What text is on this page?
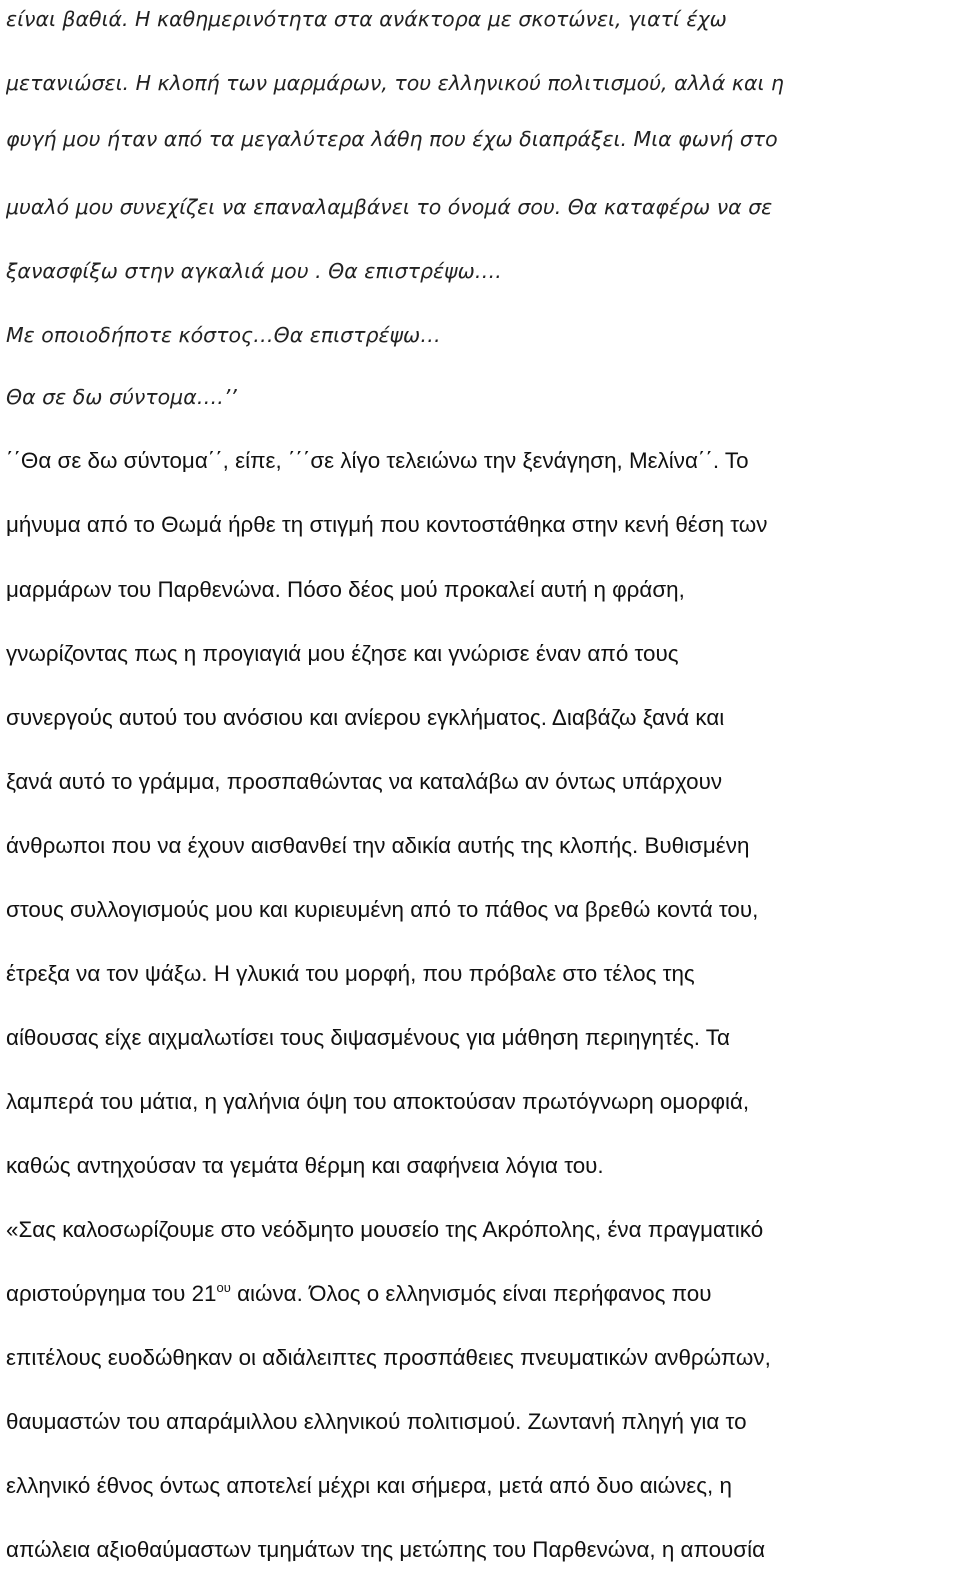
είναι βαθιά. Η καθημερινότητα στα ανάκτορα με σκοτώνει, γιατί έχω
μετανιώσει. Η κλοπή των μαρμάρων, του ελληνικού πολιτισμού, αλλά και η
φυγή μου ήταν από τα μεγαλύτερα λάθη που έχω διαπράξει. Μια φωνή στο
μυαλό μου συνεχίζει να επαναλαμβάνει το όνομά σου. Θα καταφέρω να σε
ξανασφίξω στην αγκαλιά μου . Θα επιστρέψω….
Με οποιοδήποτε κόστος…Θα επιστρέψω…
Θα σε δω σύντομα….’’
΄΄Θα σε δω σύντομα΄΄, είπε, ΄΄΄σε λίγο τελειώνω την ξενάγηση, Μελίνα΄΄. Το
μήνυμα από το Θωμά ήρθε τη στιγμή που κοντοστάθηκα στην κενή θέση των
μαρμάρων του Παρθενώνα. Πόσο δέος μού προκαλεί αυτή η φράση,
γνωρίζοντας πως η προγιαγιά μου έζησε και γνώρισε έναν από τους
συνεργούς αυτού του ανόσιου και ανίερου εγκλήματος. Διαβάζω ξανά και
ξανά αυτό το γράμμα, προσπαθώντας να καταλάβω αν όντως υπάρχουν
άνθρωποι που να έχουν αισθανθεί την αδικία αυτής της κλοπής. Βυθισμένη
στους συλλογισμούς μου και κυριευμένη από το πάθος να βρεθώ κοντά του,
έτρεξα να τον ψάξω. Η γλυκιά του μορφή, που πρόβαλε στο τέλος της
αίθουσας είχε αιχμαλωτίσει τους διψασμένους για μάθηση περιηγητές. Τα
λαμπερά του μάτια, η γαλήνια όψη του αποκτούσαν πρωτόγνωρη ομορφιά,
καθώς αντηχούσαν τα γεμάτα θέρμη και σαφήνεια λόγια του.
«Σας καλοσωρίζουμε στο νεόδμητο μουσείο της Ακρόπολης, ένα πραγματικό
αριστούργημα του $21^{o\upsilon}$ αιώνα. Όλος ο ελληνισμός είναι περήφανος που
επιτέλους ευοδώθηκαν οι αδιάλειπτες προσπάθειες πνευματικών ανθρώπων,
θαυμαστών του απαράμιλλου ελληνικού πολιτισμού. Ζωντανή πληγή για το
ελληνικό έθνος όντως αποτελεί μέχρι και σήμερα, μετά από δυο αιώνες, η
απώλεια αξιοθαύμαστων τμημάτων της μετώπης του Παρθενώνα, η απουσία
